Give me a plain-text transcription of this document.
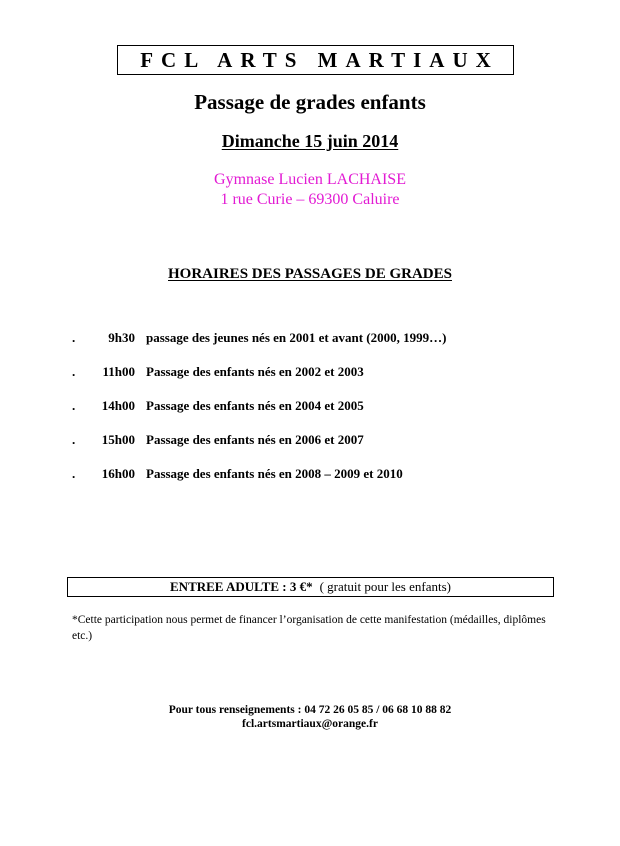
FCL ARTS MARTIAUX
Passage de grades enfants
Dimanche 15 juin 2014
Gymnase Lucien LACHAISE
1 rue Curie – 69300 Caluire
HORAIRES DES PASSAGES DE GRADES
.	9h30 passage des jeunes nés en 2001 et avant (2000, 1999…)
.	11h00 Passage des enfants nés en 2002 et 2003
.	14h00 Passage des enfants nés en 2004 et 2005
.	15h00 Passage des enfants nés en 2006 et 2007
.	16h00 Passage des enfants nés en 2008 – 2009 et 2010
ENTREE ADULTE : 3 €* ( gratuit pour les enfants)
*Cette participation nous permet de financer l’organisation de cette manifestation (médailles, diplômes etc.)
Pour tous renseignements : 04 72 26 05 85 / 06 68 10 88 82
fcl.artsmartiaux@orange.fr
